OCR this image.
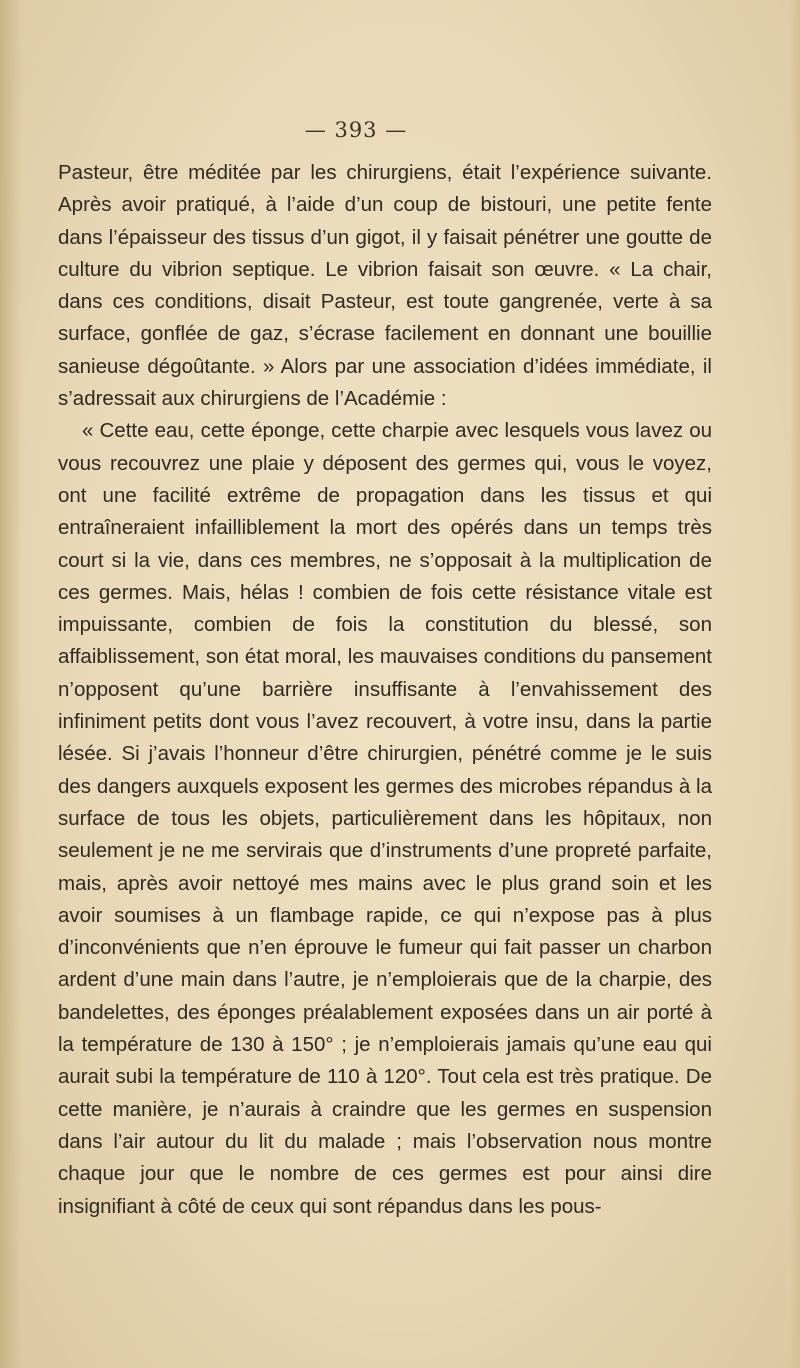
— 393 —

Pasteur, être méditée par les chirurgiens, était l’expérience suivante. Après avoir pratiqué, à l’aide d’un coup de bistouri, une petite fente dans l’épaisseur des tissus d’un gigot, il y faisait pénétrer une goutte de culture du vibrion septique. Le vibrion faisait son œuvre. « La chair, dans ces conditions, disait Pasteur, est toute gangrenée, verte à sa surface, gonflée de gaz, s’écrase facilement en donnant une bouillie sanieuse dégoûtante. » Alors par une association d’idées immédiate, il s’adressait aux chirurgiens de l’Académie :

« Cette eau, cette éponge, cette charpie avec lesquels vous lavez ou vous recouvrez une plaie y déposent des germes qui, vous le voyez, ont une facilité extrême de propagation dans les tissus et qui entraîneraient infailliblement la mort des opérés dans un temps très court si la vie, dans ces membres, ne s’opposait à la multiplication de ces germes. Mais, hélas ! combien de fois cette résistance vitale est impuissante, combien de fois la constitution du blessé, son affaiblissement, son état moral, les mauvaises conditions du pansement n’opposent qu’une barrière insuffisante à l’envahissement des infiniment petits dont vous l’avez recouvert, à votre insu, dans la partie lésée. Si j’avais l’honneur d’être chirurgien, pénétré comme je le suis des dangers auxquels exposent les germes des microbes répandus à la surface de tous les objets, particulièrement dans les hôpitaux, non seulement je ne me servirais que d’instruments d’une propreté parfaite, mais, après avoir nettoyé mes mains avec le plus grand soin et les avoir soumises à un flambage rapide, ce qui n’expose pas à plus d’inconvénients que n’en éprouve le fumeur qui fait passer un charbon ardent d’une main dans l’autre, je n’emploierais que de la charpie, des bandelettes, des éponges préalablement exposées dans un air porté à la température de 130 à 150° ; je n’emploierais jamais qu’une eau qui aurait subi la température de 110 à 120°. Tout cela est très pratique. De cette manière, je n’aurais à craindre que les germes en suspension dans l’air autour du lit du malade ; mais l’observation nous montre chaque jour que le nombre de ces germes est pour ainsi dire insignifiant à côté de ceux qui sont répandus dans les pous-
